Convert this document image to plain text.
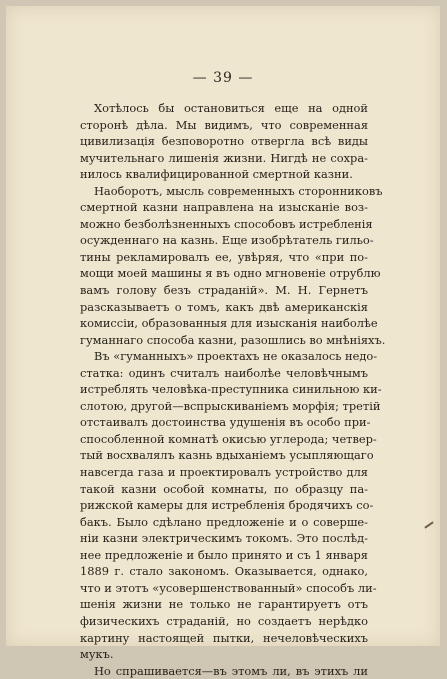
— 39 —
Хотѣлось бы остановиться еще на одной
сторонѣ дѣла. Мы видимъ, что современная
цивилизація безповоротно отвергла всѣ виды
мучительнаго лишенія жизни. Нигдѣ не сохра-
нилось квалифицированной смертной казни.
Наоборотъ, мысль современныхъ сторонниковъ
смертной казни направлена на изысканіе воз-
можно безболѣзненныхъ способовъ истребленія
осужденнаго на казнь. Еще изобрѣтатель гильо-
тины рекламировалъ ее, увѣряя, что «при по-
мощи моей машины я въ одно мгновеніе отрублю
вамъ голову безъ страданій». М. Н. Гернетъ
разсказываетъ о томъ, какъ двѣ американскія
комиссіи, образованныя для изысканія наиболѣе
гуманнаго способа казни, разошлись во мнѣніяхъ.
Въ «гуманныхъ» проектахъ не оказалось недо-
статка: одинъ считалъ наиболѣе человѣчнымъ
истреблять человѣка-преступника синильною ки-
слотою, другой—вспрыскиваніемъ морфія; третій
отстаивалъ достоинства удушенія въ особо при-
способленной комнатѣ окисью углерода; четвер-
тый восхвалялъ казнь вдыханіемъ усыпляющаго
навсегда газа и проектировалъ устройство для
такой казни особой комнаты, по образцу па-
рижской камеры для истребленія бродячихъ со-
бакъ. Было сдѣлано предложеніе и о соверше-
ніи казни электрическимъ токомъ. Это послѣд-
нее предложеніе и было принято и съ 1 января
1889 г. стало закономъ. Оказывается, однако,
что и этотъ «усовершенствованный» способъ ли-
шенія жизни не только не гарантируетъ отъ
физическихъ страданій, но создаетъ нерѣдко
картину настоящей пытки, нечеловѣческихъ
мукъ.
Но спрашивается—въ этомъ ли, въ этихъ ли
